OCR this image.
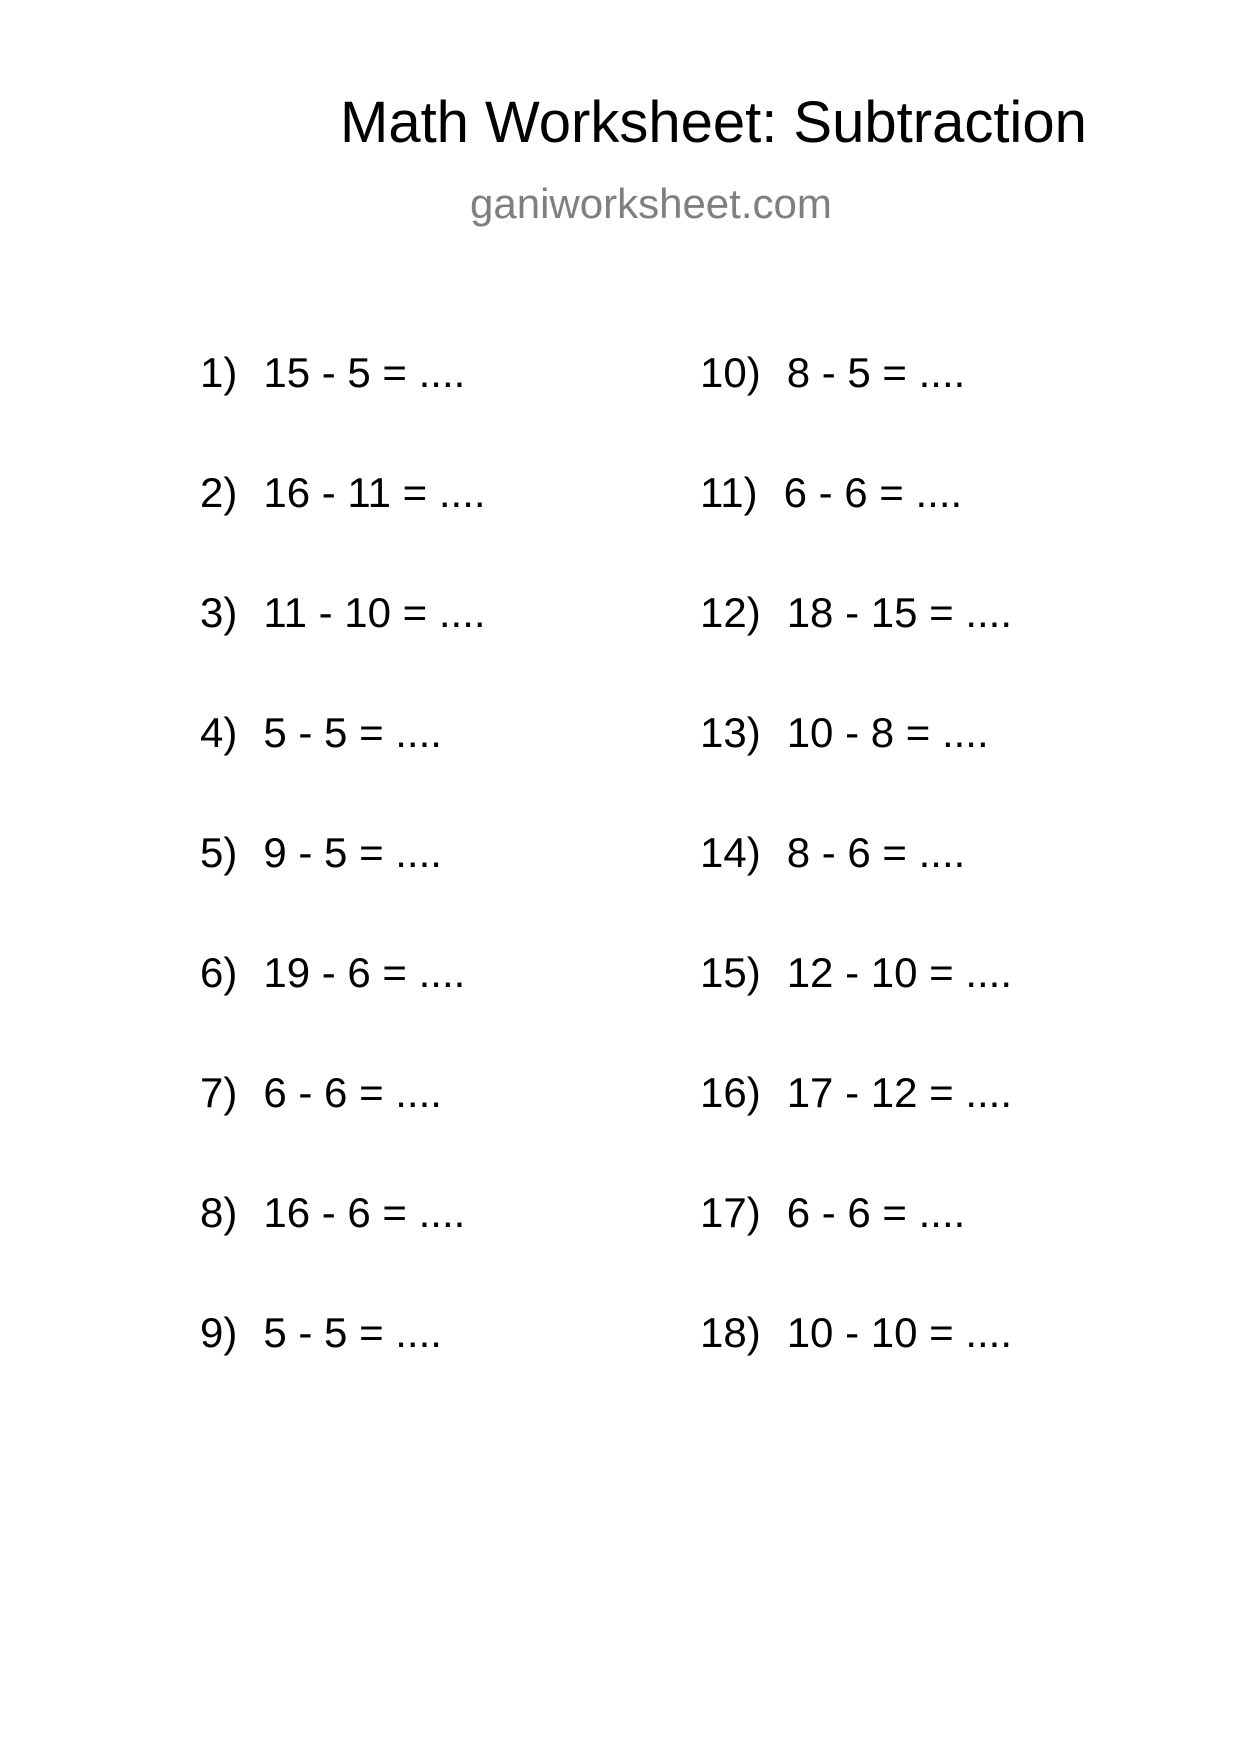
Math Worksheet: Subtraction
ganiworksheet.com
1) 15 - 5 = ....
2) 16 - 11 = ....
3) 11 - 10 = ....
4) 5 - 5 = ....
5) 9 - 5 = ....
6) 19 - 6 = ....
7) 6 - 6 = ....
8) 16 - 6 = ....
9) 5 - 5 = ....
10) 8 - 5 = ....
11) 6 - 6 = ....
12) 18 - 15 = ....
13) 10 - 8 = ....
14) 8 - 6 = ....
15) 12 - 10 = ....
16) 17 - 12 = ....
17) 6 - 6 = ....
18) 10 - 10 = ....
